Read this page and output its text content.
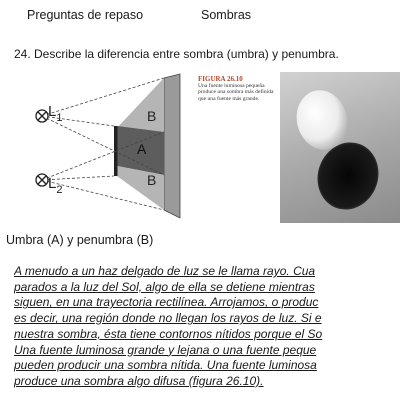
Preguntas de repaso	Sombras
24. Describe la diferencia entre sombra (umbra) y penumbra.
$L_1$
$L_2$
B
A
B
FIGURA 26.10
Una fuente luminosa pequeña produce una sombra más definida que una fuente más grande.
Umbra (A) y penumbra (B)
A menudo a un haz delgado de luz se le llama rayo. Cua
parados a la luz del Sol, algo de ella se detiene mientras
siguen, en una trayectoria rectilínea. Arrojamos, o produc
es decir, una región donde no llegan los rayos de luz. Si e
nuestra sombra, ésta tiene contornos nítidos porque el So
Una fuente luminosa grande y lejana o una fuente peque
pueden producir una sombra nítida. Una fuente luminosa
produce una sombra algo difusa (figura 26.10).
